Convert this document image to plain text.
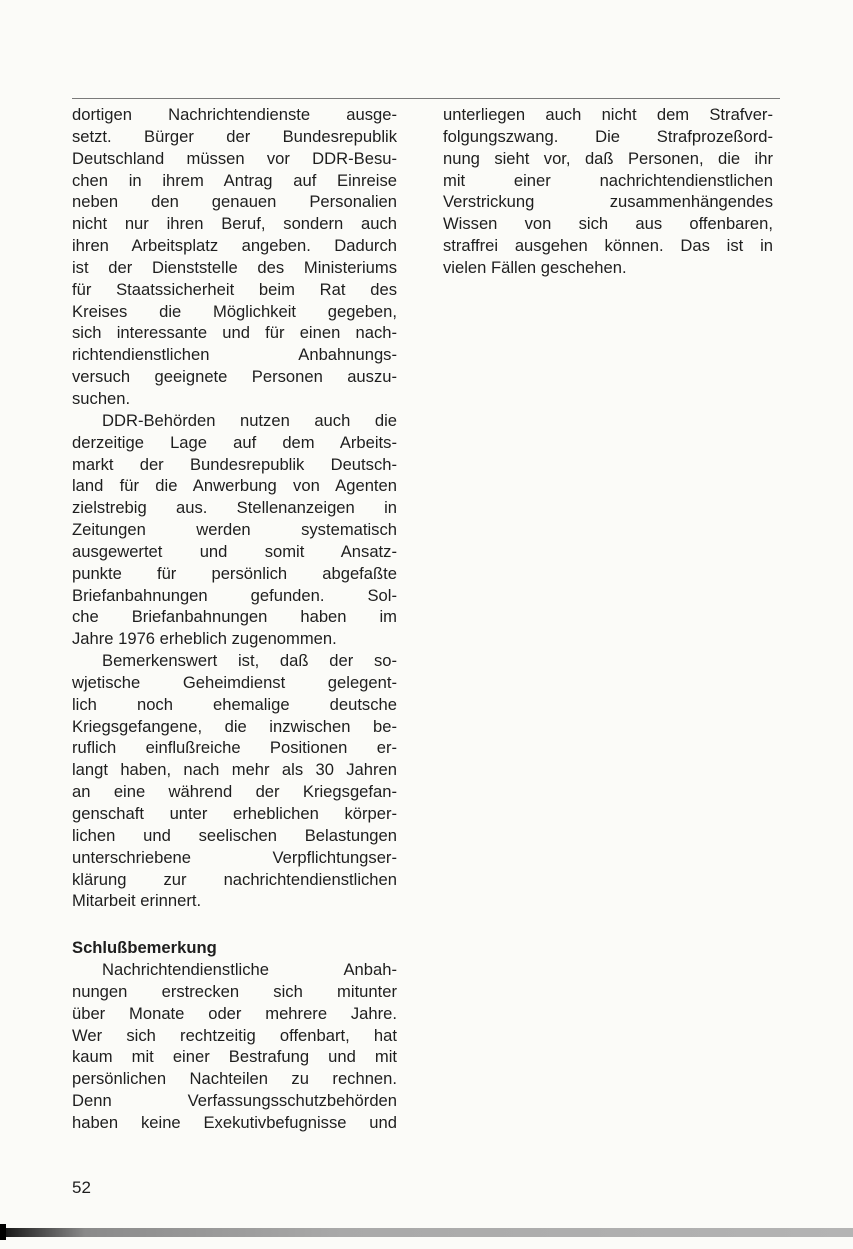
dortigen Nachrichtendienste ausge-
setzt. Bürger der Bundesrepublik
Deutschland müssen vor DDR-Besu-
chen in ihrem Antrag auf Einreise
neben den genauen Personalien
nicht nur ihren Beruf, sondern auch
ihren Arbeitsplatz angeben. Dadurch
ist der Dienststelle des Ministeriums
für Staatssicherheit beim Rat des
Kreises die Möglichkeit gegeben,
sich interessante und für einen nach-
richtendienstlichen Anbahnungs-
versuch geeignete Personen auszu-
suchen.
DDR-Behörden nutzen auch die
derzeitige Lage auf dem Arbeits-
markt der Bundesrepublik Deutsch-
land für die Anwerbung von Agenten
zielstrebig aus. Stellenanzeigen in
Zeitungen werden systematisch
ausgewertet und somit Ansatz-
punkte für persönlich abgefaßte
Briefanbahnungen gefunden. Sol-
che Briefanbahnungen haben im
Jahre 1976 erheblich zugenommen.
Bemerkenswert ist, daß der so-
wjetische Geheimdienst gelegent-
lich noch ehemalige deutsche
Kriegsgefangene, die inzwischen be-
ruflich einflußreiche Positionen er-
langt haben, nach mehr als 30 Jahren
an eine während der Kriegsgefan-
genschaft unter erheblichen körper-
lichen und seelischen Belastungen
unterschriebene Verpflichtungser-
klärung zur nachrichtendienstlichen
Mitarbeit erinnert.
Schlußbemerkung
Nachrichtendienstliche Anbah-
nungen erstrecken sich mitunter
über Monate oder mehrere Jahre.
Wer sich rechtzeitig offenbart, hat
kaum mit einer Bestrafung und mit
persönlichen Nachteilen zu rechnen.
Denn Verfassungsschutzbehörden
haben keine Exekutivbefugnisse und
unterliegen auch nicht dem Strafver-
folgungszwang. Die Strafprozeßord-
nung sieht vor, daß Personen, die ihr
mit einer nachrichtendienstlichen
Verstrickung zusammenhängendes
Wissen von sich aus offenbaren,
straffrei ausgehen können. Das ist in
vielen Fällen geschehen.
52
